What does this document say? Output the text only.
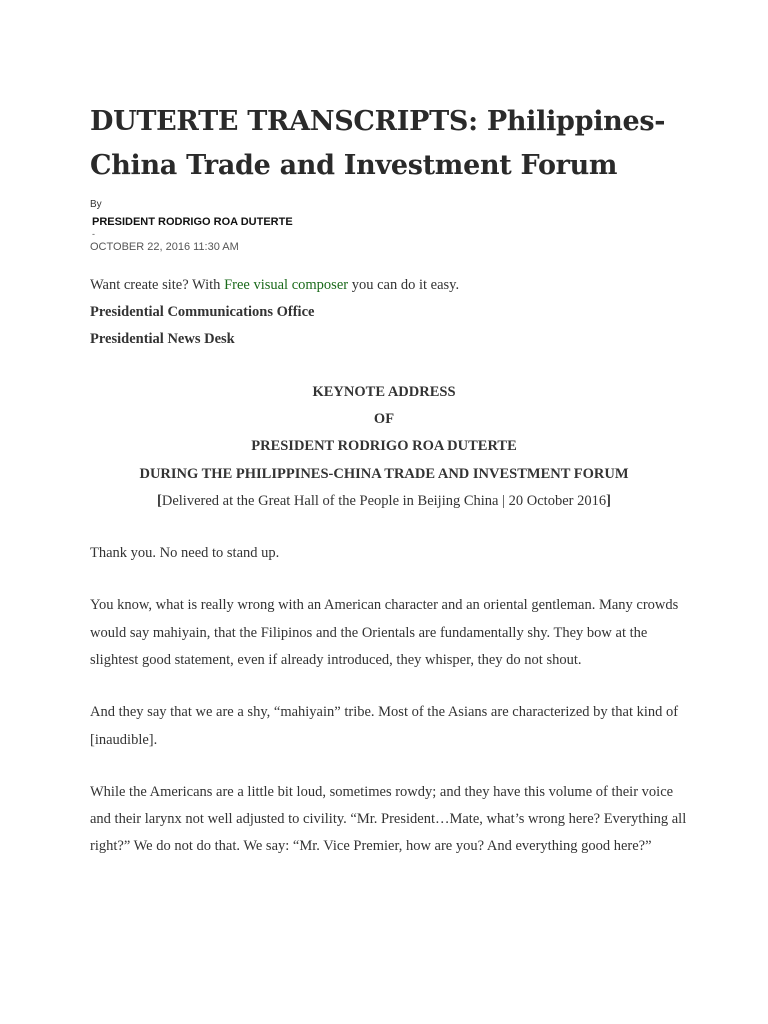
DUTERTE TRANSCRIPTS: Philippines-China Trade and Investment Forum
By
PRESIDENT RODRIGO ROA DUTERTE
-
OCTOBER 22, 2016 11:30 AM

Want create site? With Free visual composer you can do it easy.

Presidential Communications Office

Presidential News Desk

KEYNOTE ADDRESS

OF

PRESIDENT RODRIGO ROA DUTERTE

DURING THE PHILIPPINES-CHINA TRADE AND INVESTMENT FORUM

[Delivered at the Great Hall of the People in Beijing China | 20 October 2016]

Thank you. No need to stand up.

You know, what is really wrong with an American character and an oriental gentleman. Many crowds would say mahiyain, that the Filipinos and the Orientals are fundamentally shy. They bow at the slightest good statement, even if already introduced, they whisper, they do not shout.

And they say that we are a shy, “mahiyain” tribe. Most of the Asians are characterized by that kind of [inaudible].

While the Americans are a little bit loud, sometimes rowdy; and they have this volume of their voice and their larynx not well adjusted to civility. “Mr. President…Mate, what’s wrong here? Everything all right?” We do not do that. We say: “Mr. Vice Premier, how are you? And everything good here?”
